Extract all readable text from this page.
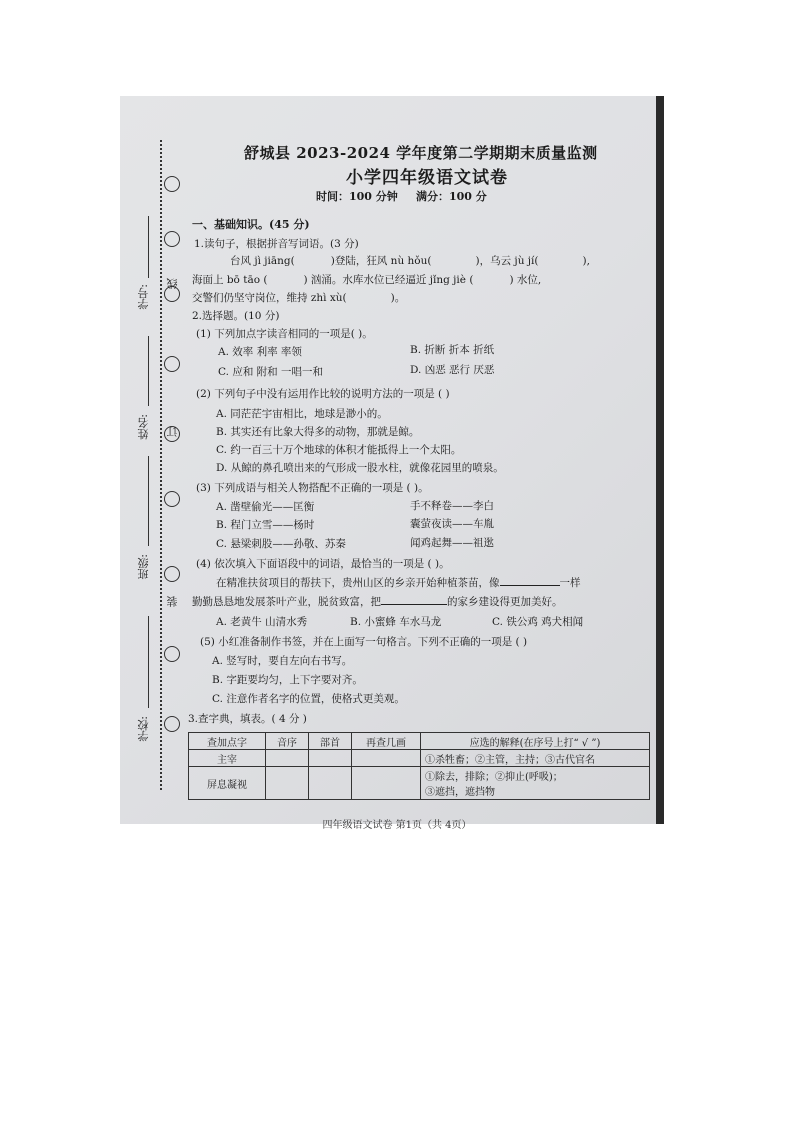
学号:
姓名:
班级:
学校:
线
订
装
舒城县 2023-2024 学年度第二学期期末质量监测
小学四年级语文试卷
时间：100 分钟 满分：100 分
一、基础知识。(45 分)
1.读句子，根据拼音写词语。(3 分)
台风 jì jiāng(	)登陆，狂风 nù hǒu(	)，乌云 jù jí(	),
海面上 bō tāo (	) 汹涌。水库水位已经逼近 jǐng jiè (	) 水位,
交警们仍坚守岗位，维持 zhì xù(	)。
2.选择题。(10 分)
(1) 下列加点字读音相同的一项是( )。
A. 效率 利率 率领	B. 折断 折本 折纸
C. 应和 附和 一唱一和	D. 凶恶 恶行 厌恶
(2) 下列句子中没有运用作比较的说明方法的一项是 ( )
A. 同茫茫宇宙相比，地球是渺小的。
B. 其实还有比象大得多的动物，那就是鲸。
C. 约一百三十万个地球的体积才能抵得上一个太阳。
D. 从鲸的鼻孔喷出来的气形成一股水柱，就像花园里的喷泉。
(3) 下列成语与相关人物搭配不正确的一项是 ( )。
A. 凿壁偷光——匡衡	手不释卷——李白
B. 程门立雪——杨时	囊萤夜读——车胤
C. 悬梁刺股——孙敬、苏秦	闻鸡起舞——祖逖
(4) 依次填入下面语段中的词语，最恰当的一项是 ( )。
在精准扶贫项目的帮扶下，贵州山区的乡亲开始种植茶苗，像	一样
勤勤恳恳地发展茶叶产业，脱贫致富，把	的家乡建设得更加美好。
A. 老黄牛 山清水秀	B. 小蜜蜂 车水马龙	C. 铁公鸡 鸡犬相闻
(5) 小红准备制作书签，并在上面写一句格言。下列不正确的一项是 ( )
A. 竖写时，要自左向右书写。
B. 字距要均匀，上下字要对齐。
C. 注意作者名字的位置，使格式更美观。
3.查字典，填表。( 4 分 )
查加点字	音序	部首	再查几画	应选的解释(在序号上打“ √ ”)
主宰				①杀牲畜；②主管，主持；③古代官名
屏息凝视				①除去，排除；②抑止(呼吸)；
③遮挡，遮挡物
四年级语文试卷 第1页（共 4页）
